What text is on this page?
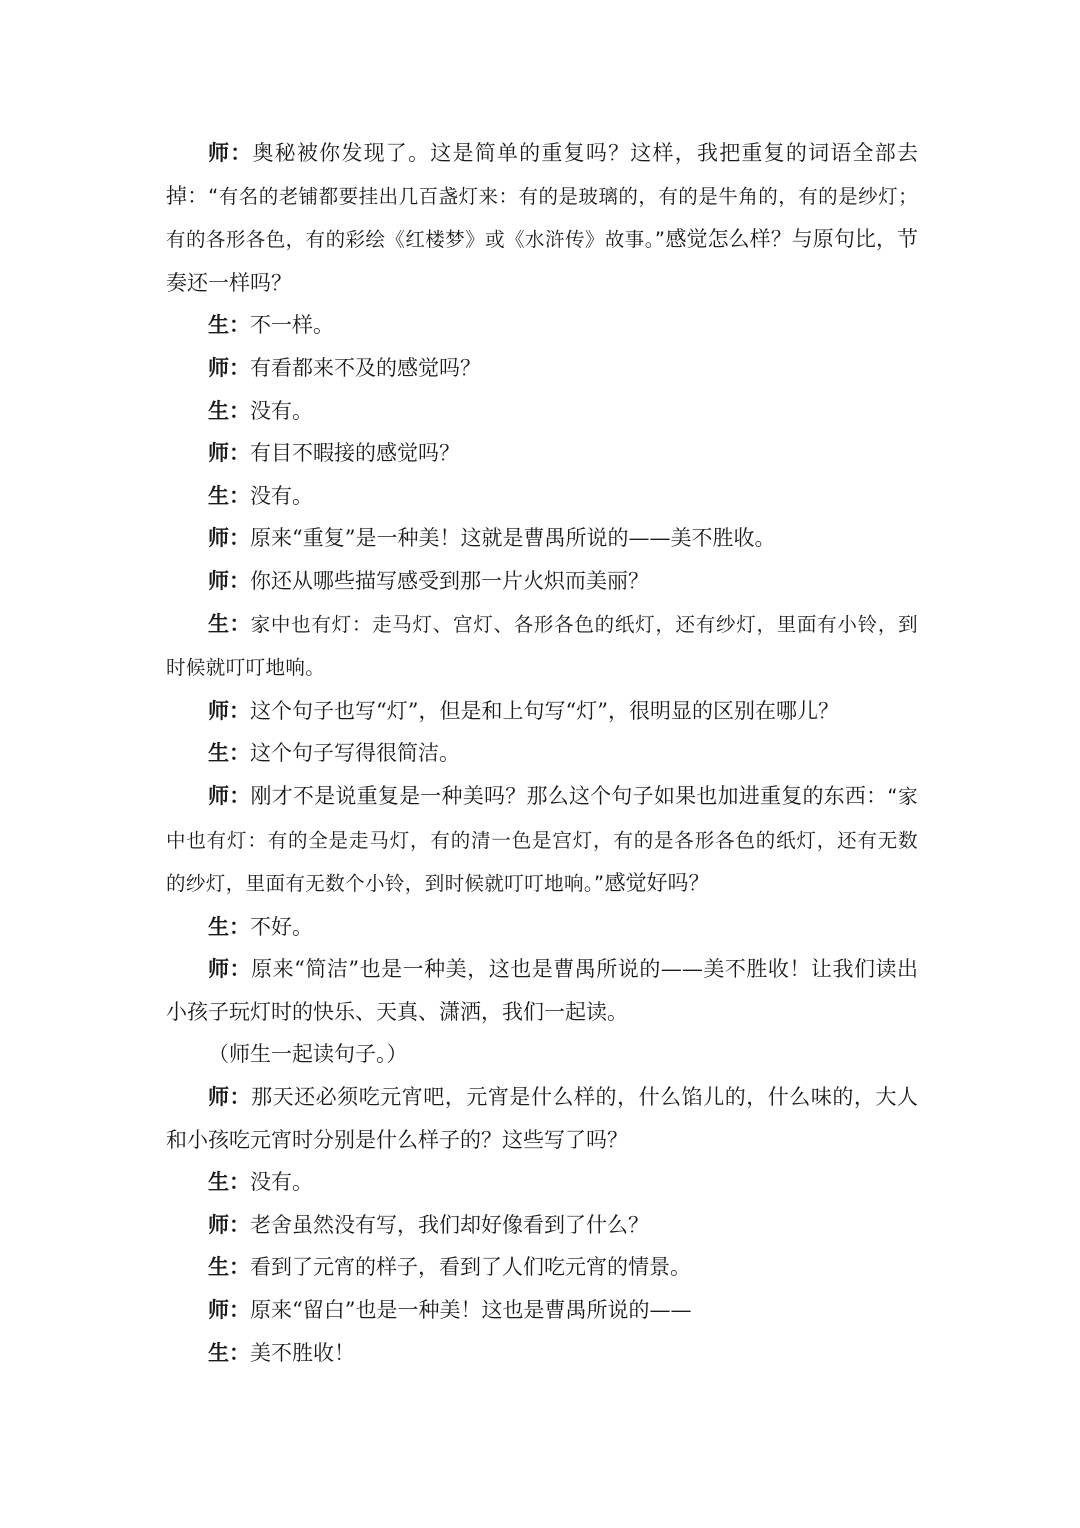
师：奥秘被你发现了。这是简单的重复吗？这样，我把重复的词语全部去掉：“有名的老铺都要挂出几百盏灯来：有的是玻璃的，有的是牛角的，有的是纱灯；有的各形各色，有的彩绘《红楼梦》或《水浒传》故事。”感觉怎么样？与原句比，节奏还一样吗？

生：不一样。

师：有看都来不及的感觉吗？

生：没有。

师：有目不暇接的感觉吗？

生：没有。

师：原来“重复”是一种美！这就是曹禺所说的——美不胜收。

师：你还从哪些描写感受到那一片火炽而美丽？

生：家中也有灯：走马灯、宫灯、各形各色的纸灯，还有纱灯，里面有小铃，到时候就叮叮地响。

师：这个句子也写“灯”，但是和上句写“灯”，很明显的区别在哪儿？

生：这个句子写得很简洁。

师：刚才不是说重复是一种美吗？那么这个句子如果也加进重复的东西：“家中也有灯：有的全是走马灯，有的清一色是宫灯，有的是各形各色的纸灯，还有无数的纱灯，里面有无数个小铃，到时候就叮叮地响。”感觉好吗？

生：不好。

师：原来“简洁”也是一种美，这也是曹禺所说的——美不胜收！让我们读出小孩子玩灯时的快乐、天真、潇洒，我们一起读。

（师生一起读句子。）

师：那天还必须吃元宵吧，元宵是什么样的，什么馅儿的，什么味的，大人和小孩吃元宵时分别是什么样子的？这些写了吗？

生：没有。

师：老舍虽然没有写，我们却好像看到了什么？

生：看到了元宵的样子，看到了人们吃元宵的情景。

师：原来“留白”也是一种美！这也是曹禺所说的——

生：美不胜收！
